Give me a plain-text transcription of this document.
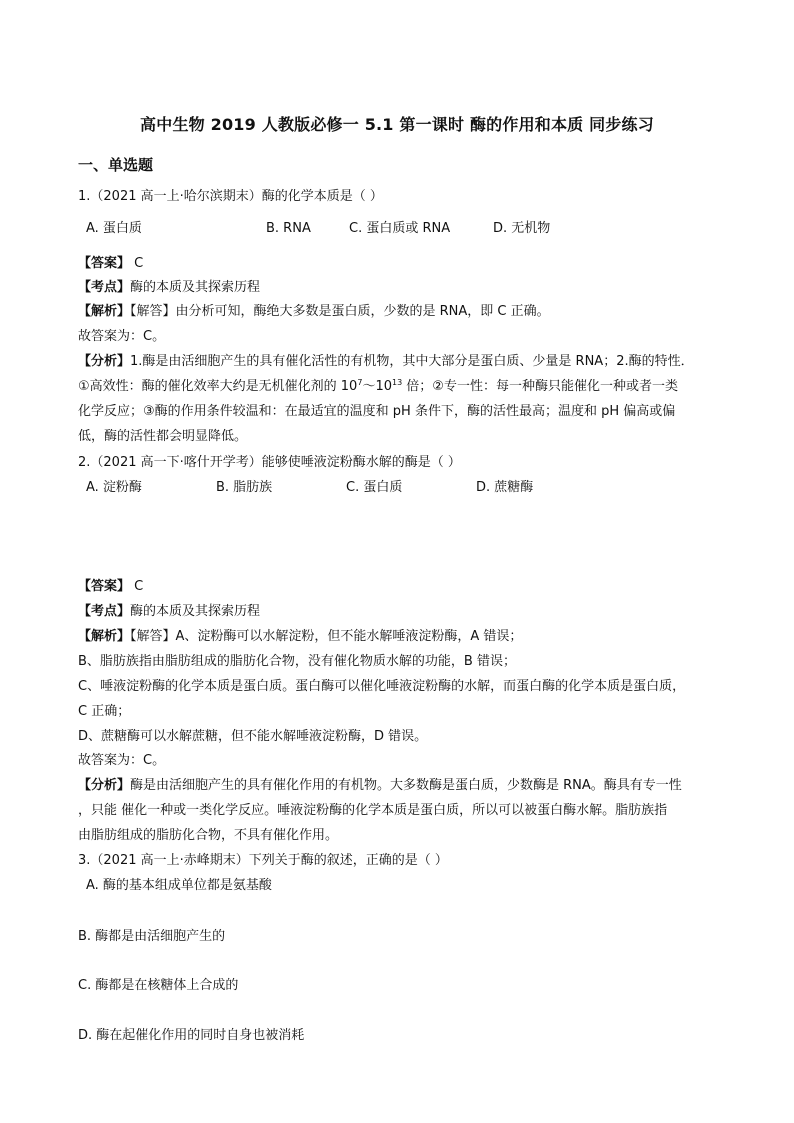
高中生物 2019 人教版必修一 5.1 第一课时 酶的作用和本质 同步练习
一、单选题
1.（2021 高一上·哈尔滨期末）酶的化学本质是（ ）
A. 蛋白质	B. RNA	C. 蛋白质或 RNA	D. 无机物
【答案】 C
【考点】酶的本质及其探索历程
【解析】【解答】由分析可知，酶绝大多数是蛋白质，少数的是 RNA，即 C 正确。
故答案为：C。
【分析】1.酶是由活细胞产生的具有催化活性的有机物，其中大部分是蛋白质、少量是 RNA；2.酶的特性．
①高效性：酶的催化效率大约是无机催化剂的 $10^7\sim 10^{13}$ 倍；②专一性：每一种酶只能催化一种或者一类
化学反应；③酶的作用条件较温和：在最适宜的温度和 pH 条件下，酶的活性最高；温度和 pH 偏高或偏
低，酶的活性都会明显降低。
2.（2021 高一下·喀什开学考）能够使唾液淀粉酶水解的酶是（ ）
A. 淀粉酶	B. 脂肪族	C. 蛋白质	D. 蔗糖酶
【答案】 C
【考点】酶的本质及其探索历程
【解析】【解答】A、淀粉酶可以水解淀粉，但不能水解唾液淀粉酶，A 错误；
B、脂肪族指由脂肪组成的脂肪化合物，没有催化物质水解的功能，B 错误；
C、唾液淀粉酶的化学本质是蛋白质。蛋白酶可以催化唾液淀粉酶的水解，而蛋白酶的化学本质是蛋白质，
C 正确；
D、蔗糖酶可以水解蔗糖，但不能水解唾液淀粉酶，D 错误。
故答案为：C。
【分析】酶是由活细胞产生的具有催化作用的有机物。大多数酶是蛋白质，少数酶是 RNA。酶具有专一性
，只能 催化一种或一类化学反应。唾液淀粉酶的化学本质是蛋白质，所以可以被蛋白酶水解。脂肪族指
由脂肪组成的脂肪化合物，不具有催化作用。
3.（2021 高一上·赤峰期末）下列关于酶的叙述，正确的是（ ）
A. 酶的基本组成单位都是氨基酸
B. 酶都是由活细胞产生的
C. 酶都是在核糖体上合成的
D. 酶在起催化作用的同时自身也被消耗
